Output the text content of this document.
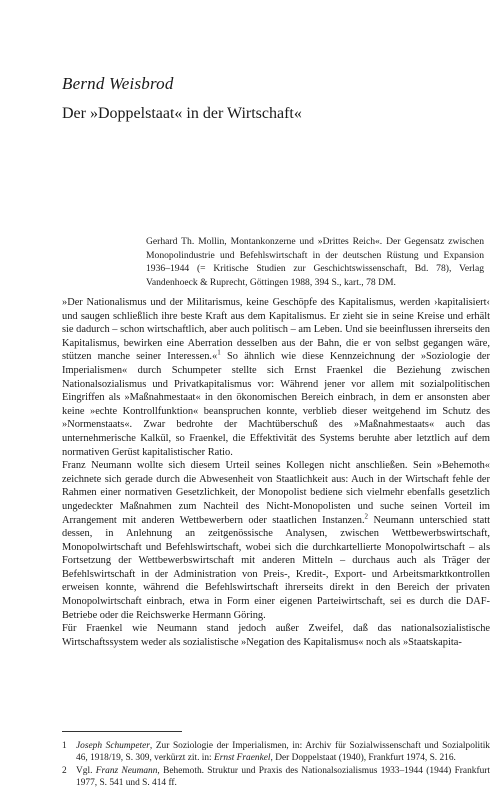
Bernd Weisbrod
Der »Doppelstaat« in der Wirtschaft«
Gerhard Th. Mollin, Montankonzerne und »Drittes Reich«. Der Gegensatz zwischen Monopolindustrie und Befehlswirtschaft in der deutschen Rüstung und Expansion 1936–1944 (= Kritische Studien zur Geschichtswissenschaft, Bd. 78), Verlag Vandenhoeck & Ruprecht, Göttingen 1988, 394 S., kart., 78 DM.

»Der Nationalismus und der Militarismus, keine Geschöpfe des Kapitalismus, werden ›kapitalisiert‹ und saugen schließlich ihre beste Kraft aus dem Kapitalismus. Er zieht sie in seine Kreise und erhält sie dadurch – schon wirtschaftlich, aber auch politisch – am Leben. Und sie beeinflussen ihrerseits den Kapitalismus, bewirken eine Aberration desselben aus der Bahn, die er von selbst gegangen wäre, stützen manche seiner Interessen.«$^1$ So ähnlich wie diese Kennzeichnung der »Soziologie der Imperialismen« durch Schumpeter stellte sich Ernst Fraenkel die Beziehung zwischen Nationalsozialismus und Privatkapitalismus vor: Während jener vor allem mit sozialpolitischen Eingriffen als »Maßnahmestaat« in den ökonomischen Bereich einbrach, in dem er ansonsten aber keine »echte Kontrollfunktion« beanspruchen konnte, verblieb dieser weitgehend im Schutz des »Normenstaats«. Zwar bedrohte der Machtüberschuß des »Maßnahmestaats« auch das unternehmerische Kalkül, so Fraenkel, die Effektivität des Systems beruhte aber letztlich auf dem normativen Gerüst kapitalistischer Ratio.

Franz Neumann wollte sich diesem Urteil seines Kollegen nicht anschließen. Sein »Behemoth« zeichnete sich gerade durch die Abwesenheit von Staatlichkeit aus: Auch in der Wirtschaft fehle der Rahmen einer normativen Gesetzlichkeit, der Monopolist bediene sich vielmehr ebenfalls gesetzlich ungedeckter Maßnahmen zum Nachteil des Nicht-Monopolisten und suche seinen Vorteil im Arrangement mit anderen Wettbewerbern oder staatlichen Instanzen.$^2$ Neumann unterschied statt dessen, in Anlehnung an zeitgenössische Analysen, zwischen Wettbewerbswirtschaft, Monopolwirtschaft und Befehlswirtschaft, wobei sich die durchkartellierte Monopolwirtschaft – als Fortsetzung der Wettbewerbswirtschaft mit anderen Mitteln – durchaus auch als Träger der Befehlswirtschaft in der Administration von Preis-, Kredit-, Export- und Arbeitsmarktkontrollen erweisen konnte, während die Befehlswirtschaft ihrerseits direkt in den Bereich der privaten Monopolwirtschaft einbrach, etwa in Form einer eigenen Parteiwirtschaft, sei es durch die DAF-Betriebe oder die Reichswerke Hermann Göring.

Für Fraenkel wie Neumann stand jedoch außer Zweifel, daß das nationalsozialistische Wirtschaftssystem weder als sozialistische »Negation des Kapitalismus« noch als »Staatskapita-

1 Joseph Schumpeter, Zur Soziologie der Imperialismen, in: Archiv für Sozialwissenschaft und Sozialpolitik 46, 1918/19, S. 309, verkürzt zit. in: Ernst Fraenkel, Der Doppelstaat (1940), Frankfurt 1974, S. 216.
2 Vgl. Franz Neumann, Behemoth. Struktur und Praxis des Nationalsozialismus 1933–1944 (1944) Frankfurt 1977, S. 541 und S. 414 ff.
